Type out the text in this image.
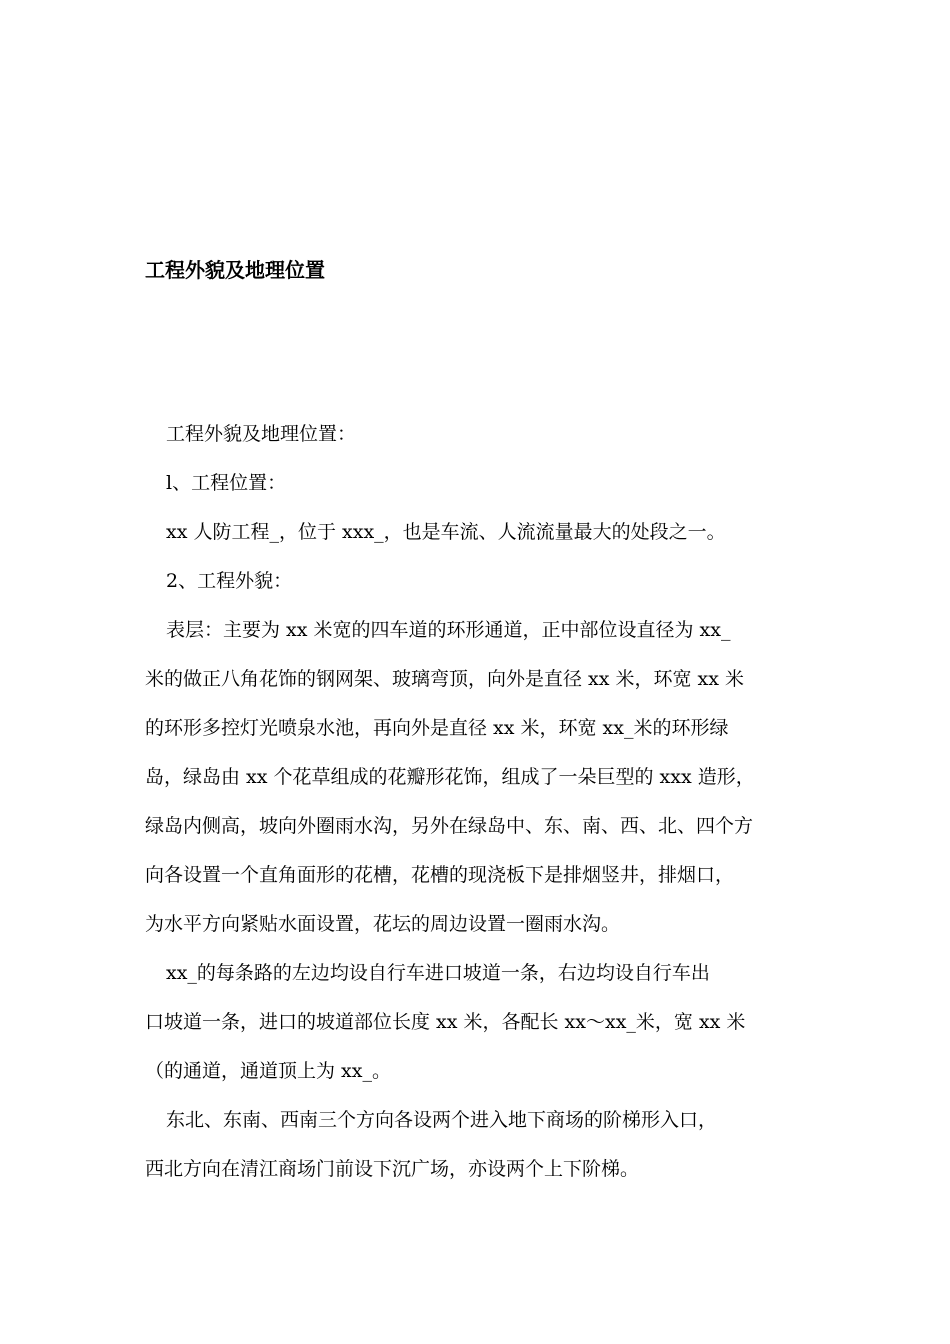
工程外貌及地理位置

工程外貌及地理位置：

l、工程位置：

xx 人防工程_，位于 xxx_，也是车流、人流流量最大的处段之一。

2、工程外貌：

表层：主要为 xx 米宽的四车道的环形通道，正中部位设直径为 xx_
米的做正八角花饰的钢网架、玻璃弯顶，向外是直径 xx 米，环宽 xx 米
的环形多控灯光喷泉水池，再向外是直径 xx 米，环宽 xx_米的环形绿
岛，绿岛由 xx 个花草组成的花瓣形花饰，组成了一朵巨型的 xxx 造形，
绿岛内侧高，坡向外圈雨水沟，另外在绿岛中、东、南、西、北、四个方
向各设置一个直角面形的花槽，花槽的现浇板下是排烟竖井，排烟口，
为水平方向紧贴水面设置，花坛的周边设置一圈雨水沟。

xx_的每条路的左边均设自行车进口坡道一条，右边均设自行车出
口坡道一条，进口的坡道部位长度 xx 米，各配长 xx～xx_米，宽 xx 米
（的通道，通道顶上为 xx_。

东北、东南、西南三个方向各设两个进入地下商场的阶梯形入口，
西北方向在清江商场门前设下沉广场，亦设两个上下阶梯。
